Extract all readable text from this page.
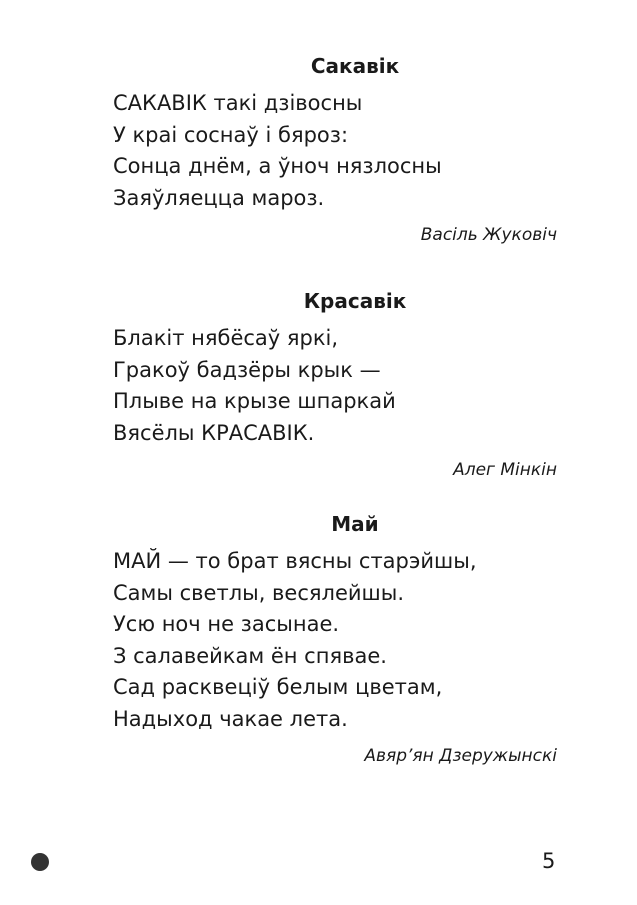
Сакавік
САКАВІК такі дзівосны
У краі соснаў і бяроз:
Сонца днём, а ўноч нязлосны
Заяўляецца мароз.
Васіль Жуковіч
Красавік
Блакіт нябёсаў яркі,
Гракоў бадзёры крык —
Плыве на крызе шпаркай
Вясёлы КРАСАВІК.
Алег Мінкін
Май
МАЙ — то брат вясны старэйшы,
Самы светлы, весялейшы.
Усю ноч не засынае.
З салавейкам ён спявае.
Сад расквеціў белым цветам,
Надыход чакае лета.
Авяр’ян Дзеружынскі
5
